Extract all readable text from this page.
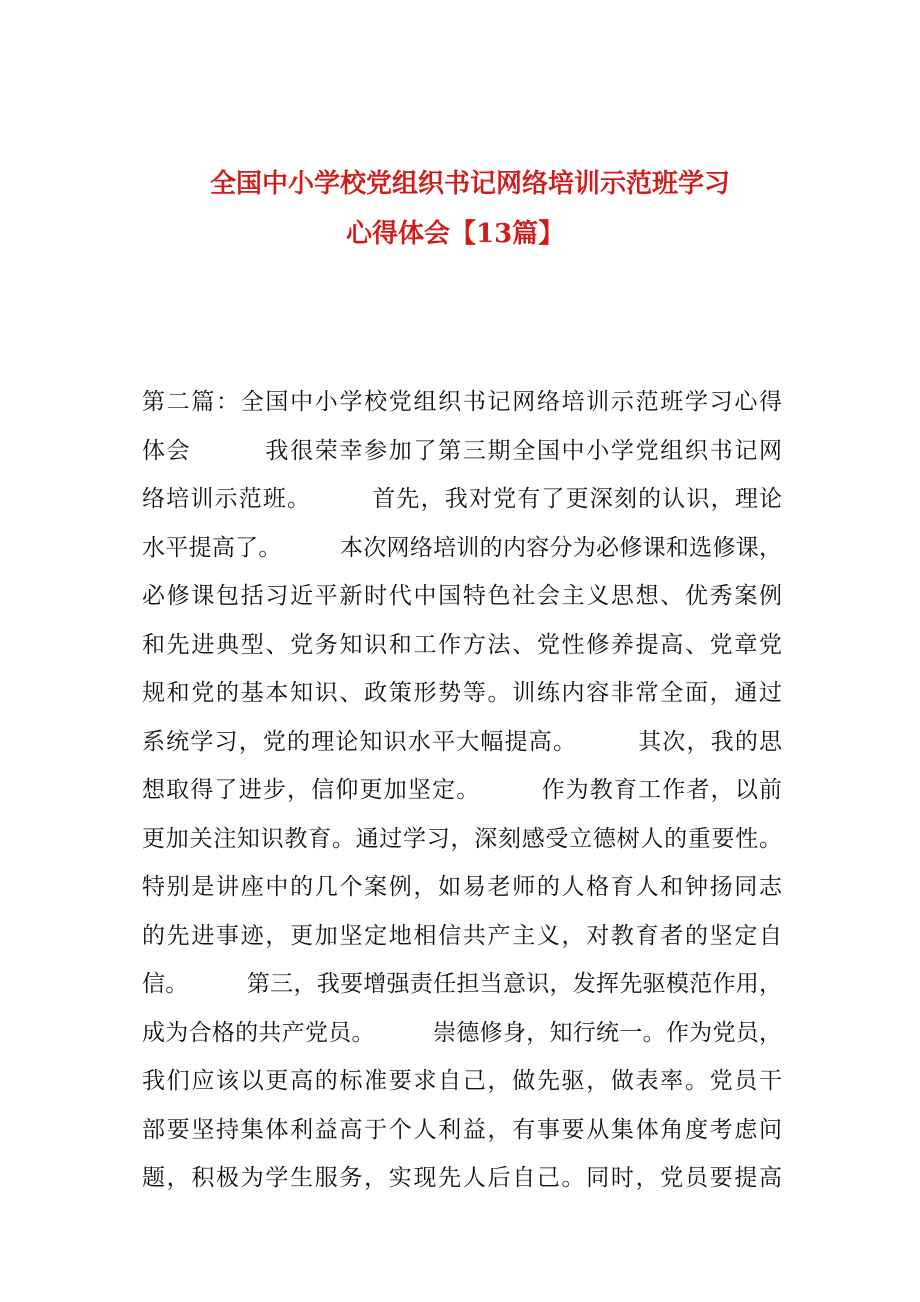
全国中小学校党组织书记网络培训示范班学习
心得体会【13篇】
第二篇：全国中小学校党组织书记网络培训示范班学习心得
体会　　　我很荣幸参加了第三期全国中小学党组织书记网
络培训示范班。　　　首先，我对党有了更深刻的认识，理论
水平提高了。　　　本次网络培训的内容分为必修课和选修课，
必修课包括习近平新时代中国特色社会主义思想、优秀案例
和先进典型、党务知识和工作方法、党性修养提高、党章党
规和党的基本知识、政策形势等。训练内容非常全面，通过
系统学习，党的理论知识水平大幅提高。　　　其次，我的思
想取得了进步，信仰更加坚定。　　　作为教育工作者，以前
更加关注知识教育。通过学习，深刻感受立德树人的重要性。
特别是讲座中的几个案例，如易老师的人格育人和钟扬同志
的先进事迹，更加坚定地相信共产主义，对教育者的坚定自
信。　　　第三，我要增强责任担当意识，发挥先驱模范作用，
成为合格的共产党员。　　　崇德修身，知行统一。作为党员，
我们应该以更高的标准要求自己，做先驱，做表率。党员干
部要坚持集体利益高于个人利益，有事要从集体角度考虑问
题，积极为学生服务，实现先人后自己。同时，党员要提高
